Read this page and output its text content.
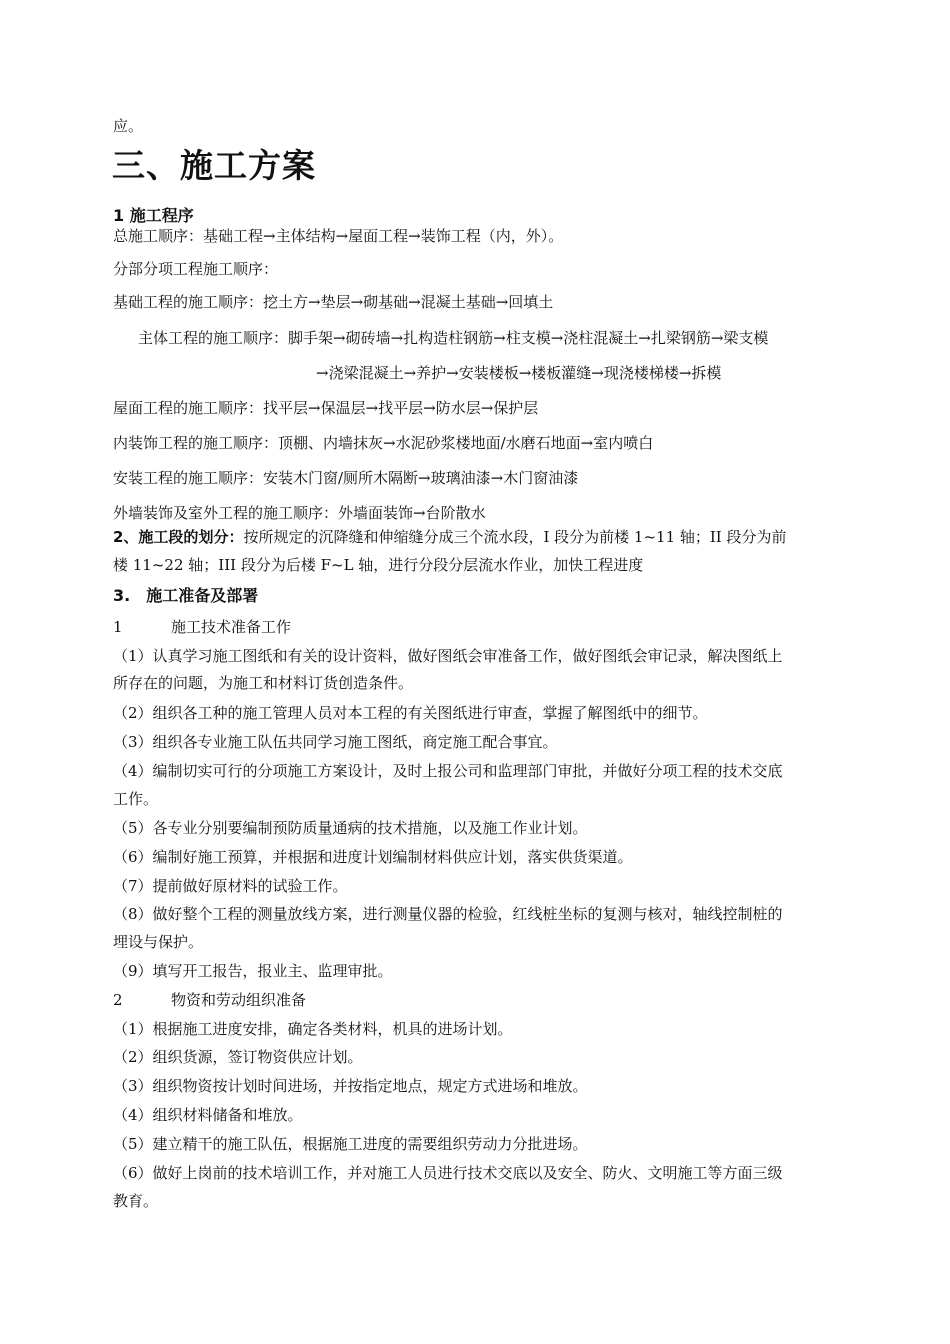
应。
三、施工方案
1 施工程序
总施工顺序：基础工程→主体结构→屋面工程→装饰工程（内，外）。
分部分项工程施工顺序：
基础工程的施工顺序：挖土方→垫层→砌基础→混凝土基础→回填土
主体工程的施工顺序：脚手架→砌砖墙→扎构造柱钢筋→柱支模→浇柱混凝土→扎梁钢筋→梁支模
→浇梁混凝土→养护→安装楼板→楼板灌缝→现浇楼梯楼→拆模
屋面工程的施工顺序：找平层→保温层→找平层→防水层→保护层
内装饰工程的施工顺序：顶棚、内墙抹灰→水泥砂浆楼地面/水磨石地面→室内喷白
安装工程的施工顺序：安装木门窗/厕所木隔断→玻璃油漆→木门窗油漆
外墙装饰及室外工程的施工顺序：外墙面装饰→台阶散水
2、施工段的划分：按所规定的沉降缝和伸缩缝分成三个流水段，I 段分为前楼 1~11 轴；II 段分为前
楼 11~22 轴；III 段分为后楼 F~L 轴，进行分段分层流水作业，加快工程进度
3.　施工准备及部署
1	施工技术准备工作
（1）认真学习施工图纸和有关的设计资料，做好图纸会审准备工作，做好图纸会审记录，解决图纸上
所存在的问题，为施工和材料订货创造条件。
（2）组织各工种的施工管理人员对本工程的有关图纸进行审查，掌握了解图纸中的细节。
（3）组织各专业施工队伍共同学习施工图纸，商定施工配合事宜。
（4）编制切实可行的分项施工方案设计，及时上报公司和监理部门审批，并做好分项工程的技术交底
工作。
（5）各专业分别要编制预防质量通病的技术措施，以及施工作业计划。
（6）编制好施工预算，并根据和进度计划编制材料供应计划，落实供货渠道。
（7）提前做好原材料的试验工作。
（8）做好整个工程的测量放线方案，进行测量仪器的检验，红线桩坐标的复测与核对，轴线控制桩的
埋设与保护。
（9）填写开工报告，报业主、监理审批。
2	物资和劳动组织准备
（1）根据施工进度安排，确定各类材料，机具的进场计划。
（2）组织货源，签订物资供应计划。
（3）组织物资按计划时间进场，并按指定地点，规定方式进场和堆放。
（4）组织材料储备和堆放。
（5）建立精干的施工队伍，根据施工进度的需要组织劳动力分批进场。
（6）做好上岗前的技术培训工作，并对施工人员进行技术交底以及安全、防火、文明施工等方面三级
教育。
